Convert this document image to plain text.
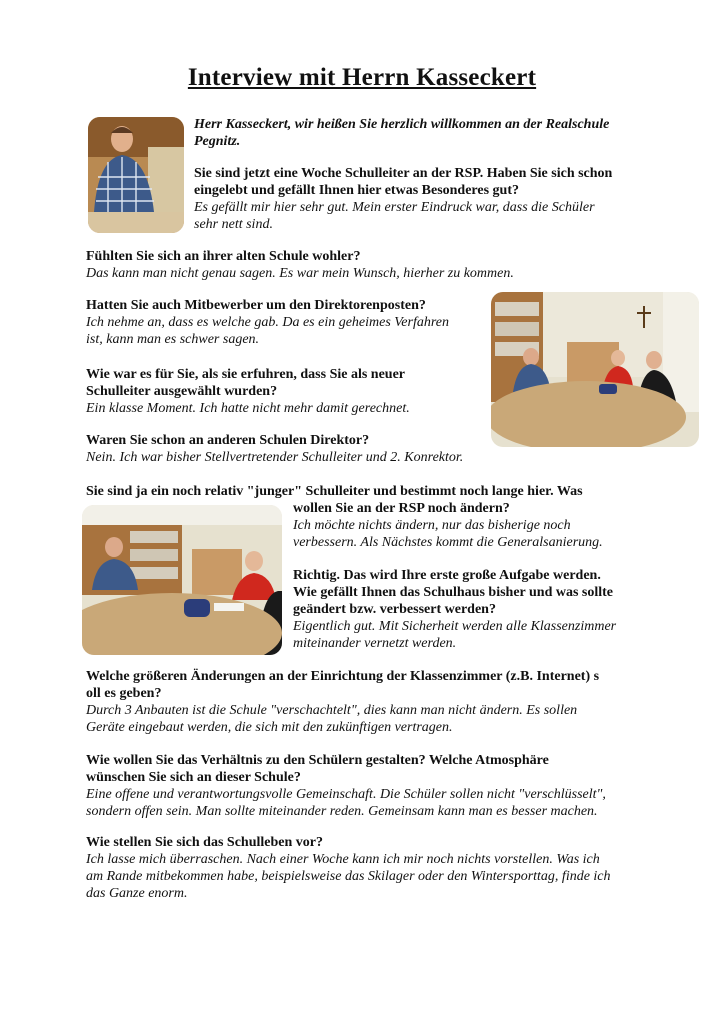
Interview mit Herrn Kasseckert
Herr Kasseckert, wir heißen Sie herzlich willkommen an der Realschule
Pegnitz.
Sie sind jetzt eine Woche Schulleiter an der RSP. Haben Sie sich schon
eingelebt und gefällt Ihnen hier etwas Besonderes gut?
Es gefällt mir hier sehr gut. Mein erster Eindruck war, dass die Schüler
sehr nett sind.
Fühlten Sie sich an ihrer alten Schule wohler?
Das kann man nicht genau sagen. Es war mein Wunsch, hierher zu kommen.
Hatten Sie auch Mitbewerber um den Direktorenposten?
Ich nehme an, dass es welche gab. Da es ein geheimes Verfahren
ist, kann man es schwer sagen.
Wie war es für Sie, als sie erfuhren, dass Sie als neuer
Schulleiter ausgewählt wurden?
Ein klasse Moment. Ich hatte nicht mehr damit gerechnet.
Waren Sie schon an anderen Schulen Direktor?
Nein. Ich war bisher Stellvertretender Schulleiter und 2. Konrektor.
Sie sind ja ein noch relativ "junger" Schulleiter und bestimmt noch lange hier. Was
wollen Sie an der RSP noch ändern?
Ich möchte nichts ändern, nur das bisherige noch
verbessern. Als Nächstes kommt die Generalsanierung.
Richtig. Das wird Ihre erste große Aufgabe werden.
Wie gefällt Ihnen das Schulhaus bisher und was sollte
geändert bzw. verbessert werden?
Eigentlich gut. Mit Sicherheit werden alle Klassenzimmer
miteinander vernetzt werden.
Welche größeren Änderungen an der Einrichtung der Klassenzimmer (z.B. Internet) s
oll es geben?
Durch 3 Anbauten ist die Schule "verschachtelt", dies kann man nicht ändern. Es sollen
Geräte eingebaut werden, die sich mit den zukünftigen vertragen.
Wie wollen Sie das Verhältnis zu den Schülern gestalten? Welche Atmosphäre
wünschen Sie sich an dieser Schule?
Eine offene und verantwortungsvolle Gemeinschaft. Die Schüler sollen nicht "verschlüsselt",
sondern offen sein. Man sollte miteinander reden. Gemeinsam kann man es besser machen.
Wie stellen Sie sich das Schulleben vor?
Ich lasse mich überraschen. Nach einer Woche kann ich mir noch nichts vorstellen. Was ich
am Rande mitbekommen habe, beispielsweise das Skilager oder den Wintersporttag, finde ich
das Ganze enorm.
